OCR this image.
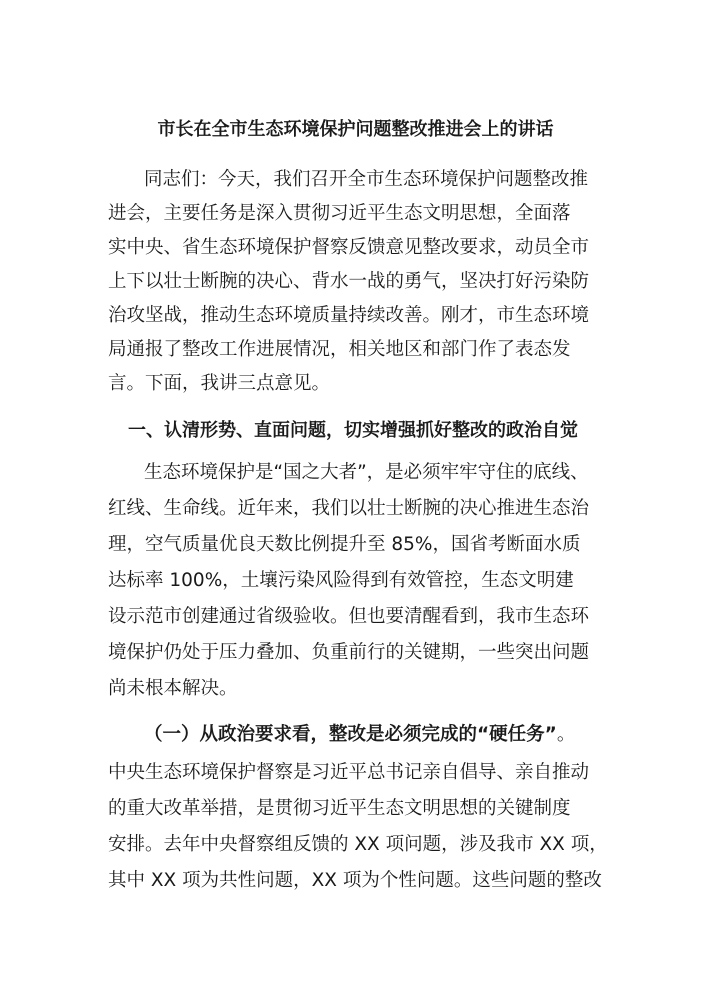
市长在全市生态环境保护问题整改推进会上的讲话
同志们：今天，我们召开全市生态环境保护问题整改推
进会，主要任务是深入贯彻习近平生态文明思想，全面落
实中央、省生态环境保护督察反馈意见整改要求，动员全市
上下以壮士断腕的决心、背水一战的勇气，坚决打好污染防
治攻坚战，推动生态环境质量持续改善。刚才，市生态环境
局通报了整改工作进展情况，相关地区和部门作了表态发
言。下面，我讲三点意见。
一、认清形势、直面问题，切实增强抓好整改的政治自觉
生态环境保护是“国之大者”，是必须牢牢守住的底线、
红线、生命线。近年来，我们以壮士断腕的决心推进生态治
理，空气质量优良天数比例提升至 85%，国省考断面水质
达标率 100%，土壤污染风险得到有效管控，生态文明建
设示范市创建通过省级验收。但也要清醒看到，我市生态环
境保护仍处于压力叠加、负重前行的关键期，一些突出问题
尚未根本解决。
（一）从政治要求看，整改是必须完成的“硬任务”。
中央生态环境保护督察是习近平总书记亲自倡导、亲自推动
的重大改革举措，是贯彻习近平生态文明思想的关键制度
安排。去年中央督察组反馈的 XX 项问题，涉及我市 XX 项，
其中 XX 项为共性问题，XX 项为个性问题。这些问题的整改
